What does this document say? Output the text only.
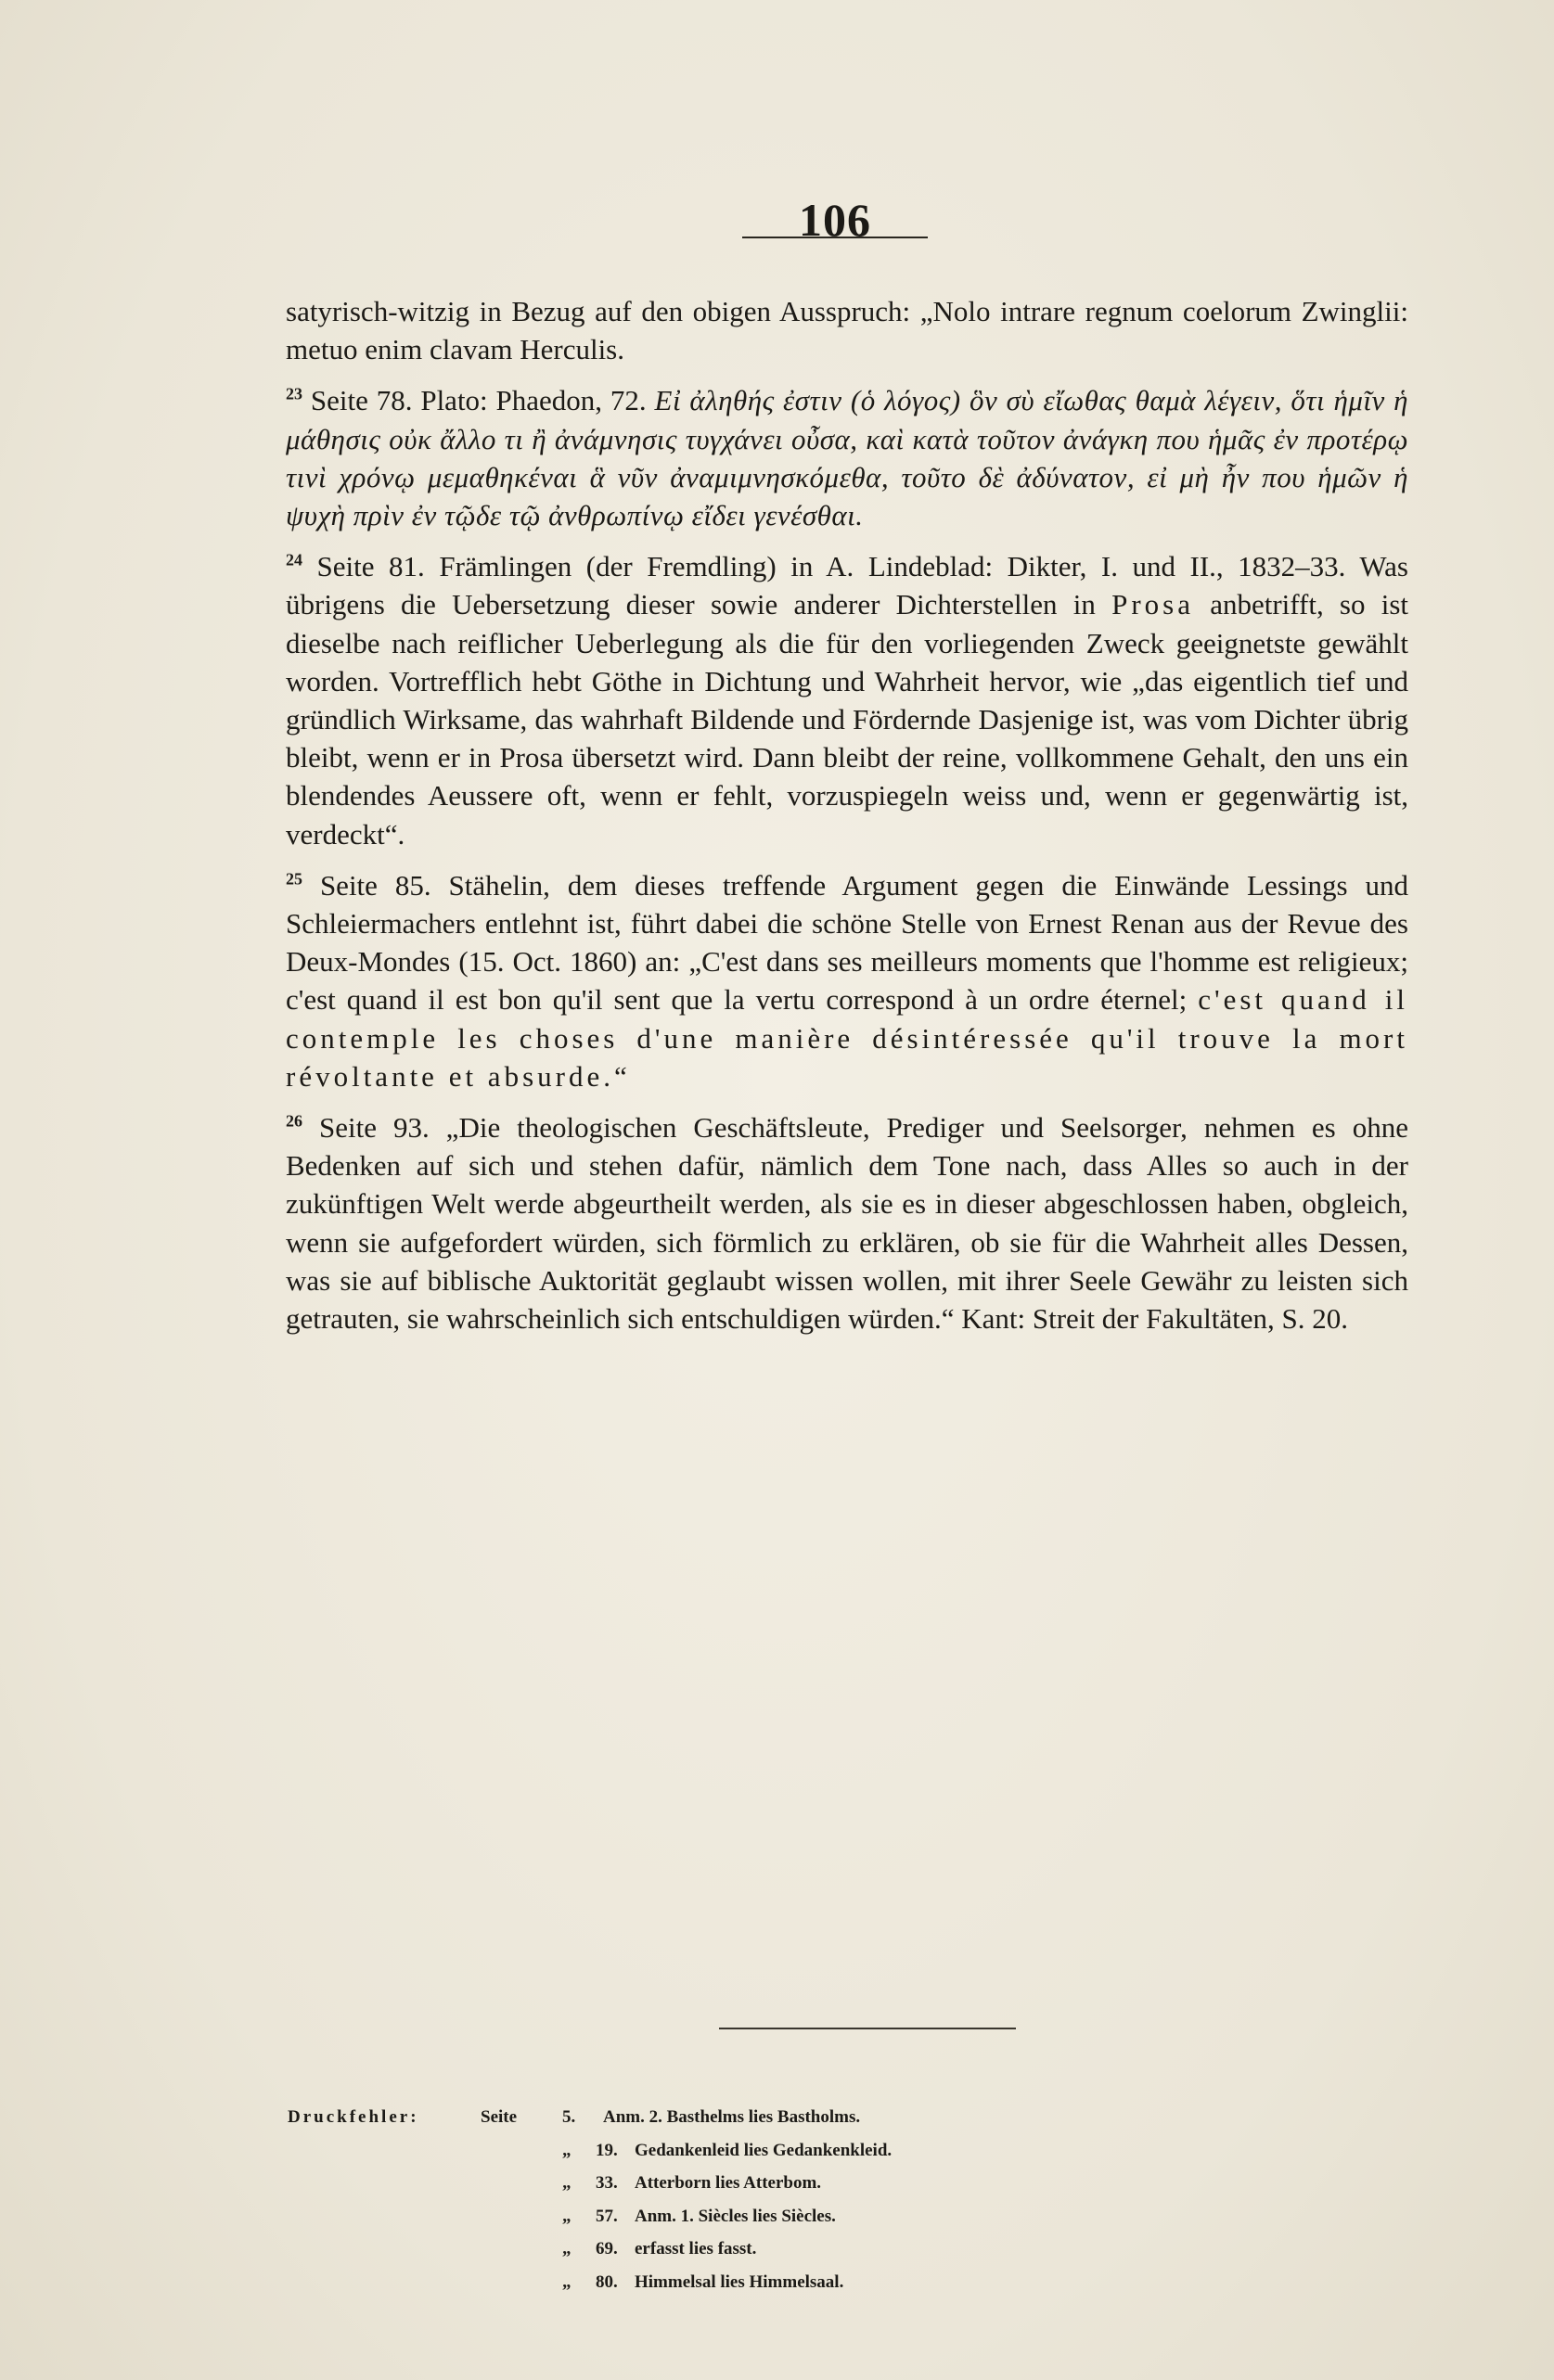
106

satyrisch-witzig in Bezug auf den obigen Ausspruch: „Nolo intrare regnum coelorum Zwinglii: metuo enim clavam Herculis.

$^{23}$ Seite 78. Plato: Phaedon, 72. Εἰ ἀληθής ἐστιν (ὁ λόγος) ὃν σὺ εἴωθας θαμὰ λέγειν, ὅτι ἡμῖν ἡ μάθησις οὐκ ἄλλο τι ἢ ἀνάμνησις τυγχάνει οὖσα, καὶ κατὰ τοῦτον ἀνάγκη που ἡμᾶς ἐν προτέρῳ τινὶ χρόνῳ μεμαθηκέναι ἃ νῦν ἀναμιμνησκόμεθα, τοῦτο δὲ ἀδύνατον, εἰ μὴ ἦν που ἡμῶν ἡ ψυχὴ πρὶν ἐν τῷδε τῷ ἀνθρωπίνῳ εἴδει γενέσθαι.

$^{24}$ Seite 81. Främlingen (der Fremdling) in A. Lindeblad: Dikter, I. und II., 1832–33. Was übrigens die Uebersetzung dieser sowie anderer Dichterstellen in Prosa anbetrifft, so ist dieselbe nach reiflicher Ueberlegung als die für den vorliegenden Zweck geeignetste gewählt worden. Vortrefflich hebt Göthe in Dichtung und Wahrheit hervor, wie „das eigentlich tief und gründlich Wirksame, das wahrhaft Bildende und Fördernde Dasjenige ist, was vom Dichter übrig bleibt, wenn er in Prosa übersetzt wird. Dann bleibt der reine, vollkommene Gehalt, den uns ein blendendes Aeussere oft, wenn er fehlt, vorzuspiegeln weiss und, wenn er gegenwärtig ist, verdeckt“.

$^{25}$ Seite 85. Stähelin, dem dieses treffende Argument gegen die Einwände Lessings und Schleiermachers entlehnt ist, führt dabei die schöne Stelle von Ernest Renan aus der Revue des Deux-Mondes (15. Oct. 1860) an: „C'est dans ses meilleurs moments que l'homme est religieux; c'est quand il est bon qu'il sent que la vertu correspond à un ordre éternel; c'est quand il contemple les choses d'une manière désintéressée qu'il trouve la mort révoltante et absurde.“

$^{26}$ Seite 93. „Die theologischen Geschäftsleute, Prediger und Seelsorger, nehmen es ohne Bedenken auf sich und stehen dafür, nämlich dem Tone nach, dass Alles so auch in der zukünftigen Welt werde abgeurtheilt werden, als sie es in dieser abgeschlossen haben, obgleich, wenn sie aufgefordert würden, sich förmlich zu erklären, ob sie für die Wahrheit alles Dessen, was sie auf biblische Auktorität geglaubt wissen wollen, mit ihrer Seele Gewähr zu leisten sich getrauten, sie wahrscheinlich sich entschuldigen würden.“ Kant: Streit der Fakultäten, S. 20.

Druckfehler:	Seite	5.	Anm. 2. Basthelms lies Bastholms.
„	19. Gedankenleid lies Gedankenkleid.
„	33. Atterborn lies Atterbom.
„	57. Anm. 1. Siècles lies Siècles.
„	69. erfasst lies fasst.
„	80. Himmelsal lies Himmelsaal.
